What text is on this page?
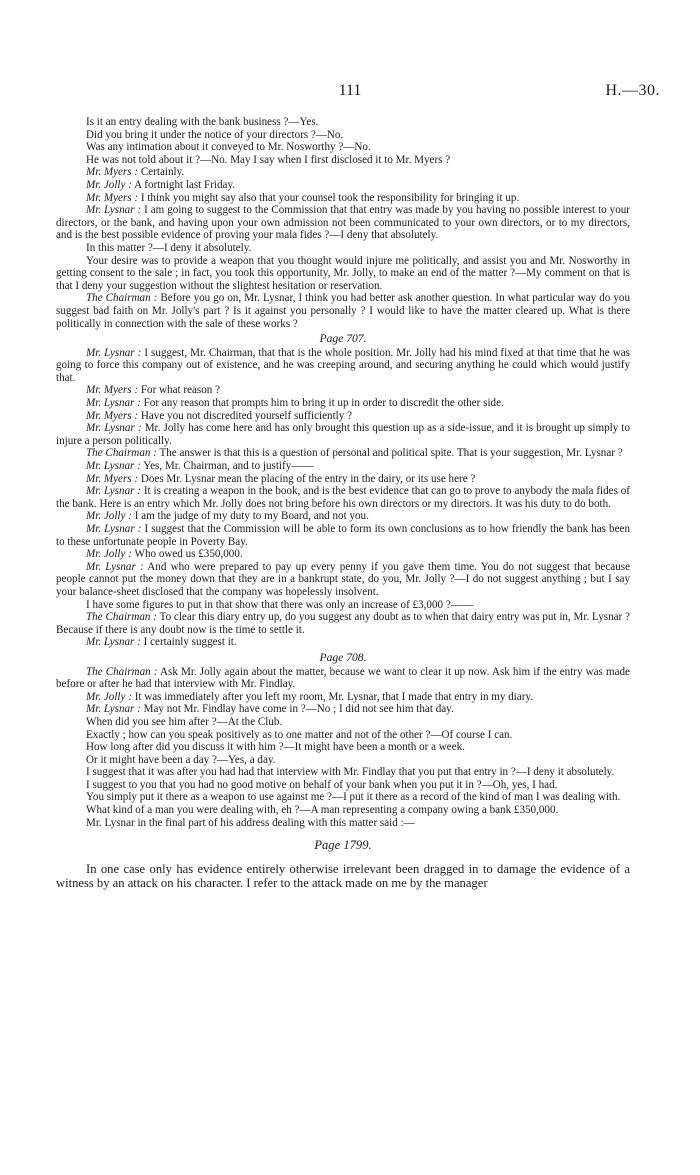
111	H.—30.

Is it an entry dealing with the bank business ?—Yes.

Did you bring it under the notice of your directors ?—No.

Was any intimation about it conveyed to Mr. Nosworthy ?—No.

He was not told about it ?—No. May I say when I first disclosed it to Mr. Myers ?

Mr. Myers : Certainly.

Mr. Jolly : A fortnight last Friday.

Mr. Myers : I think you might say also that your counsel took the responsibility for bringing it up.

Mr. Lysnar : I am going to suggest to the Commission that that entry was made by you having no possible interest to your directors, or the bank, and having upon your own admission not been communicated to your own directors, or to my directors, and is the best possible evidence of proving your mala fides ?—I deny that absolutely.

In this matter ?—I deny it absolutely.

Your desire was to provide a weapon that you thought would injure me politically, and assist you and Mr. Nosworthy in getting consent to the sale ; in fact, you took this opportunity, Mr. Jolly, to make an end of the matter ?—My comment on that is that I deny your suggestion without the slightest hesitation or reservation.

The Chairman : Before you go on, Mr. Lysnar, I think you had better ask another question. In what particular way do you suggest bad faith on Mr. Jolly's part ? Is it against you personally ? I would like to have the matter cleared up. What is there politically in connection with the sale of these works ?

Page 707.

Mr. Lysnar : I suggest, Mr. Chairman, that that is the whole position. Mr. Jolly had his mind fixed at that time that he was going to force this company out of existence, and he was creeping around, and securing anything he could which would justify that.

Mr. Myers : For what reason ?

Mr. Lysnar : For any reason that prompts him to bring it up in order to discredit the other side.

Mr. Myers : Have you not discredited yourself sufficiently ?

Mr. Lysnar : Mr. Jolly has come here and has only brought this question up as a side-issue, and it is brought up simply to injure a person politically.

The Chairman : The answer is that this is a question of personal and political spite. That is your suggestion, Mr. Lysnar ?

Mr. Lysnar : Yes, Mr. Chairman, and to justify——

Mr. Myers : Does Mr. Lysnar mean the placing of the entry in the dairy, or its use here ?

Mr. Lysnar : It is creating a weapon in the book, and is the best evidence that can go to prove to anybody the mala fides of the bank. Here is an entry which Mr. Jolly does not bring before his own directors or my directors. It was his duty to do both.

Mr. Jolly : I am the judge of my duty to my Board, and not you.

Mr. Lysnar : I suggest that the Commission will be able to form its own conclusions as to how friendly the bank has been to these unfortunate people in Poverty Bay.

Mr. Jolly : Who owed us £350,000.

Mr. Lysnar : And who were prepared to pay up every penny if you gave them time. You do not suggest that because people cannot put the money down that they are in a bankrupt state, do you, Mr. Jolly ?—I do not suggest anything ; but I say your balance-sheet disclosed that the company was hopelessly insolvent.

I have some figures to put in that show that there was only an increase of £3,000 ?——

The Chairman : To clear this diary entry up, do you suggest any doubt as to when that dairy entry was put in, Mr. Lysnar ? Because if there is any doubt now is the time to settle it.

Mr. Lysnar : I certainly suggest it.

Page 708.

The Chairman : Ask Mr. Jolly again about the matter, because we want to clear it up now. Ask him if the entry was made before or after he had that interview with Mr. Findlay.

Mr. Jolly : It was immediately after you left my room, Mr. Lysnar, that I made that entry in my diary.

Mr. Lysnar : May not Mr. Findlay have come in ?—No ; I did not see him that day.

When did you see him after ?—At the Club.

Exactly ; how can you speak positively as to one matter and not of the other ?—Of course I can.

How long after did you discuss it with him ?—It might have been a month or a week.

Or it might have been a day ?—Yes, a day.

I suggest that it was after you had had that interview with Mr. Findlay that you put that entry in ?—I deny it absolutely.

I suggest to you that you had no good motive on behalf of your bank when you put it in ?—Oh, yes, I had.

You simply put it there as a weapon to use against me ?—I put it there as a record of the kind of man I was dealing with.

What kind of a man you were dealing with, eh ?—A man representing a company owing a bank £350,000.

Mr. Lysnar in the final part of his address dealing with this matter said :—

Page 1799.

In one case only has evidence entirely otherwise irrelevant been dragged in to damage the evidence of a witness by an attack on his character. I refer to the attack made on me by the manager
